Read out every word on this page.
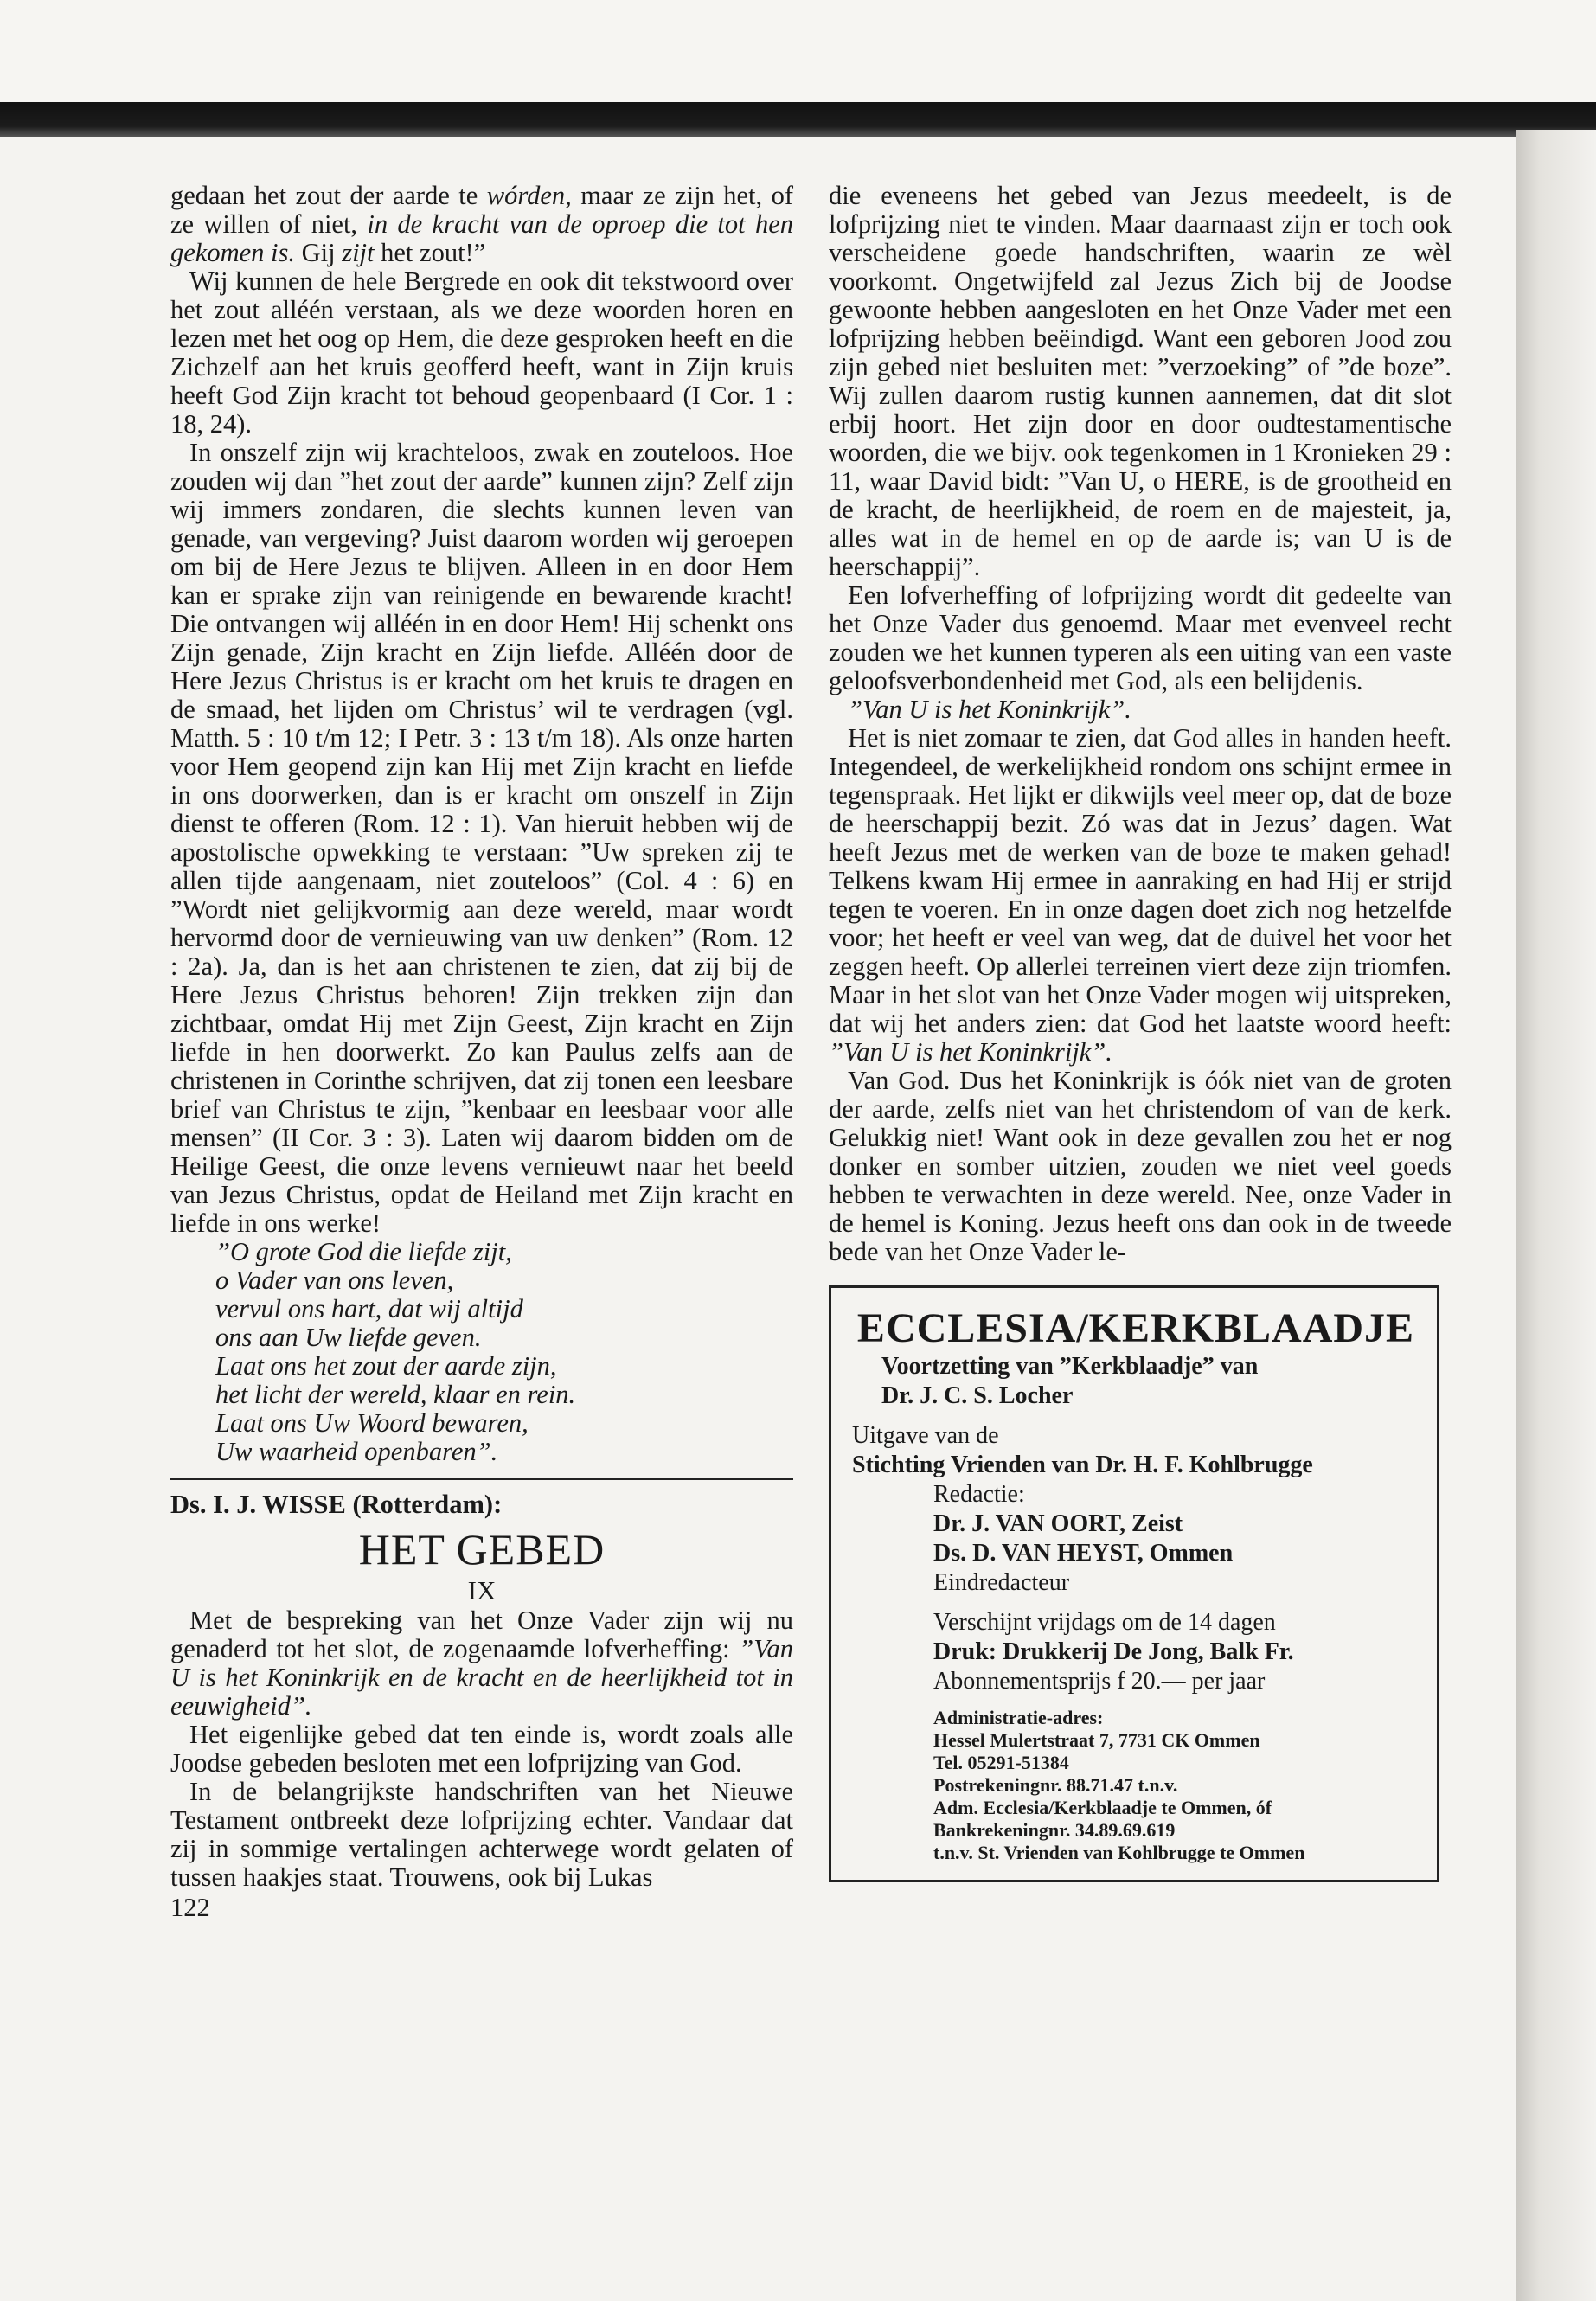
gedaan het zout der aarde te wórden, maar ze zijn het, of ze willen of niet, in de kracht van de oproep die tot hen gekomen is. Gij zijt het zout!”

Wij kunnen de hele Bergrede en ook dit tekstwoord over het zout alléén verstaan, als we deze woorden horen en lezen met het oog op Hem, die deze gesproken heeft en die Zichzelf aan het kruis geofferd heeft, want in Zijn kruis heeft God Zijn kracht tot behoud geopenbaard (I Cor. 1 : 18, 24).

In onszelf zijn wij krachteloos, zwak en zouteloos. Hoe zouden wij dan ”het zout der aarde” kunnen zijn? Zelf zijn wij immers zondaren, die slechts kunnen leven van genade, van vergeving? Juist daarom worden wij geroepen om bij de Here Jezus te blijven. Alleen in en door Hem kan er sprake zijn van reinigende en bewarende kracht! Die ontvangen wij alléén in en door Hem! Hij schenkt ons Zijn genade, Zijn kracht en Zijn liefde. Alléén door de Here Jezus Christus is er kracht om het kruis te dragen en de smaad, het lijden om Christus’ wil te verdragen (vgl. Matth. 5 : 10 t/m 12; I Petr. 3 : 13 t/m 18). Als onze harten voor Hem geopend zijn kan Hij met Zijn kracht en liefde in ons doorwerken, dan is er kracht om onszelf in Zijn dienst te offeren (Rom. 12 : 1). Van hieruit hebben wij de apostolische opwekking te verstaan: ”Uw spreken zij te allen tijde aangenaam, niet zouteloos” (Col. 4 : 6) en ”Wordt niet gelijkvormig aan deze wereld, maar wordt hervormd door de vernieuwing van uw denken” (Rom. 12 : 2a). Ja, dan is het aan christenen te zien, dat zij bij de Here Jezus Christus behoren! Zijn trekken zijn dan zichtbaar, omdat Hij met Zijn Geest, Zijn kracht en Zijn liefde in hen doorwerkt. Zo kan Paulus zelfs aan de christenen in Corinthe schrijven, dat zij tonen een leesbare brief van Christus te zijn, ”kenbaar en leesbaar voor alle mensen” (II Cor. 3 : 3). Laten wij daarom bidden om de Heilige Geest, die onze levens vernieuwt naar het beeld van Jezus Christus, opdat de Heiland met Zijn kracht en liefde in ons werke!

”O grote God die liefde zijt,
o Vader van ons leven,
vervul ons hart, dat wij altijd
ons aan Uw liefde geven.
Laat ons het zout der aarde zijn,
het licht der wereld, klaar en rein.
Laat ons Uw Woord bewaren,
Uw waarheid openbaren”.
Ds. I. J. WISSE (Rotterdam):
HET GEBED
IX

Met de bespreking van het Onze Vader zijn wij nu genaderd tot het slot, de zogenaamde lofverheffing: ”Van U is het Koninkrijk en de kracht en de heerlijkheid tot in eeuwigheid”.

Het eigenlijke gebed dat ten einde is, wordt zoals alle Joodse gebeden besloten met een lofprijzing van God.

In de belangrijkste handschriften van het Nieuwe Testament ontbreekt deze lofprijzing echter. Vandaar dat zij in sommige vertalingen achterwege wordt gelaten of tussen haakjes staat. Trouwens, ook bij Lukas

122

die eveneens het gebed van Jezus meedeelt, is de lofprijzing niet te vinden. Maar daarnaast zijn er toch ook verscheidene goede handschriften, waarin ze wèl voorkomt. Ongetwijfeld zal Jezus Zich bij de Joodse gewoonte hebben aangesloten en het Onze Vader met een lofprijzing hebben beëindigd. Want een geboren Jood zou zijn gebed niet besluiten met: ”verzoeking” of ”de boze”. Wij zullen daarom rustig kunnen aannemen, dat dit slot erbij hoort. Het zijn door en door oudtestamentische woorden, die we bijv. ook tegenkomen in 1 Kronieken 29 : 11, waar David bidt: ”Van U, o HERE, is de grootheid en de kracht, de heerlijkheid, de roem en de majesteit, ja, alles wat in de hemel en op de aarde is; van U is de heerschappij”.

Een lofverheffing of lofprijzing wordt dit gedeelte van het Onze Vader dus genoemd. Maar met evenveel recht zouden we het kunnen typeren als een uiting van een vaste geloofsverbondenheid met God, als een belijdenis.

”Van U is het Koninkrijk”.

Het is niet zomaar te zien, dat God alles in handen heeft. Integendeel, de werkelijkheid rondom ons schijnt ermee in tegenspraak. Het lijkt er dikwijls veel meer op, dat de boze de heerschappij bezit. Zó was dat in Jezus’ dagen. Wat heeft Jezus met de werken van de boze te maken gehad! Telkens kwam Hij ermee in aanraking en had Hij er strijd tegen te voeren. En in onze dagen doet zich nog hetzelfde voor; het heeft er veel van weg, dat de duivel het voor het zeggen heeft. Op allerlei terreinen viert deze zijn triomfen. Maar in het slot van het Onze Vader mogen wij uitspreken, dat wij het anders zien: dat God het laatste woord heeft: ”Van U is het Koninkrijk”.

Van God. Dus het Koninkrijk is óók niet van de groten der aarde, zelfs niet van het christendom of van de kerk. Gelukkig niet! Want ook in deze gevallen zou het er nog donker en somber uitzien, zouden we niet veel goeds hebben te verwachten in deze wereld. Nee, onze Vader in de hemel is Koning. Jezus heeft ons dan ook in de tweede bede van het Onze Vader le-

ECCLESIA/KERKBLAADJE
Voortzetting van ”Kerkblaadje” van
Dr. J. C. S. Locher
Uitgave van de
Stichting Vrienden van Dr. H. F. Kohlbrugge
Redactie:
Dr. J. VAN OORT, Zeist
Ds. D. VAN HEYST, Ommen
Eindredacteur
Verschijnt vrijdags om de 14 dagen
Druk: Drukkerij De Jong, Balk Fr.
Abonnementsprijs f 20.— per jaar
Administratie-adres:
Hessel Mulertstraat 7, 7731 CK Ommen
Tel. 05291-51384
Postrekeningnr. 88.71.47 t.n.v.
Adm. Ecclesia/Kerkblaadje te Ommen, óf
Bankrekeningnr. 34.89.69.619
t.n.v. St. Vrienden van Kohlbrugge te Ommen
